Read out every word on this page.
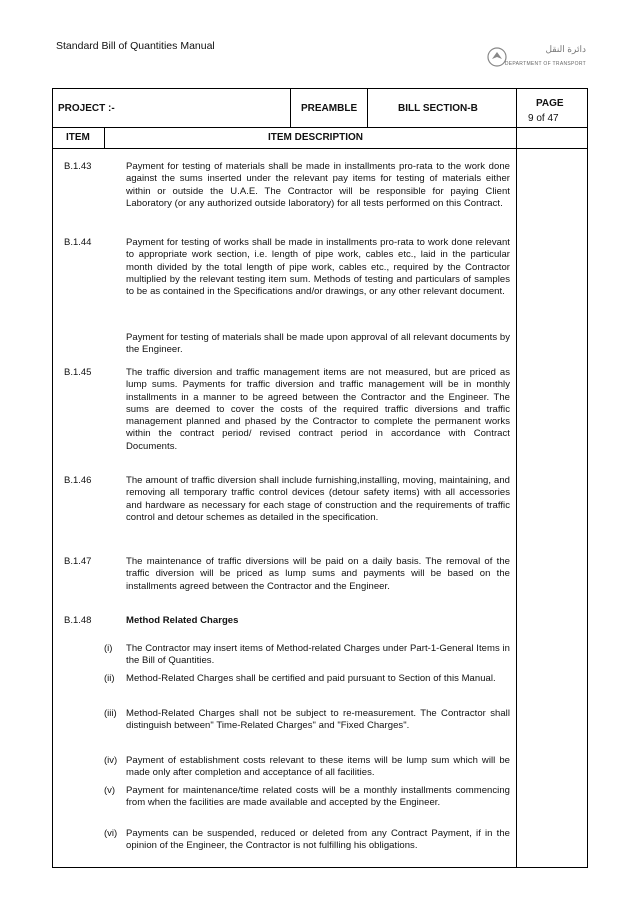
Standard Bill of Quantities Manual	دائرة النقل
DEPARTMENT OF TRANSPORT
PROJECT :-	PREAMBLE	BILL SECTION-B	PAGE
9 of 47
ITEM	ITEM DESCRIPTION
B.1.43	Payment for testing of materials shall be made in installments pro-rata to the work done against the sums inserted under the relevant pay items for testing of materials either within or outside the U.A.E. The Contractor will be responsible for paying Client Laboratory (or any authorized outside laboratory) for all tests performed on this Contract.
B.1.44	Payment for testing of works shall be made in installments pro-rata to work done relevant to appropriate work section, i.e. length of pipe work, cables etc., laid in the particular month divided by the total length of pipe work, cables etc., required by the Contractor multiplied by the relevant testing item sum. Methods of testing and particulars of samples to be as contained in the Specifications and/or drawings, or any other relevant document.
Payment for testing of materials shall be made upon approval of all relevant documents by the Engineer.
B.1.45	The traffic diversion and traffic management items are not measured, but are priced as lump sums. Payments for traffic diversion and traffic management will be in monthly installments in a manner to be agreed between the Contractor and the Engineer. The sums are deemed to cover the costs of the required traffic diversions and traffic management planned and phased by the Contractor to complete the permanent works within the contract period/ revised contract period in accordance with Contract Documents.
B.1.46	The amount of traffic diversion shall include furnishing,installing, moving, maintaining, and removing all temporary traffic control devices (detour safety items) with all accessories and hardware as necessary for each stage of construction and the requirements of traffic control and detour schemes as detailed in the specification.
B.1.47	The maintenance of traffic diversions will be paid on a daily basis. The removal of the traffic diversion will be priced as lump sums and payments will be based on the installments agreed between the Contractor and the Engineer.
B.1.48	Method Related Charges
(i) The Contractor may insert items of Method-related Charges under Part-1-General Items in the Bill of Quantities.
(ii) Method-Related Charges shall be certified and paid pursuant to Section of this Manual.
(iii) Method-Related Charges shall not be subject to re-measurement. The Contractor shall distinguish between" Time-Related Charges" and "Fixed Charges".
(iv) Payment of establishment costs relevant to these items will be lump sum which will be made only after completion and acceptance of all facilities.
(v) Payment for maintenance/time related costs will be a monthly installments commencing from when the facilities are made available and accepted by the Engineer.
(vi) Payments can be suspended, reduced or deleted from any Contract Payment, if in the opinion of the Engineer, the Contractor is not fulfilling his obligations.
